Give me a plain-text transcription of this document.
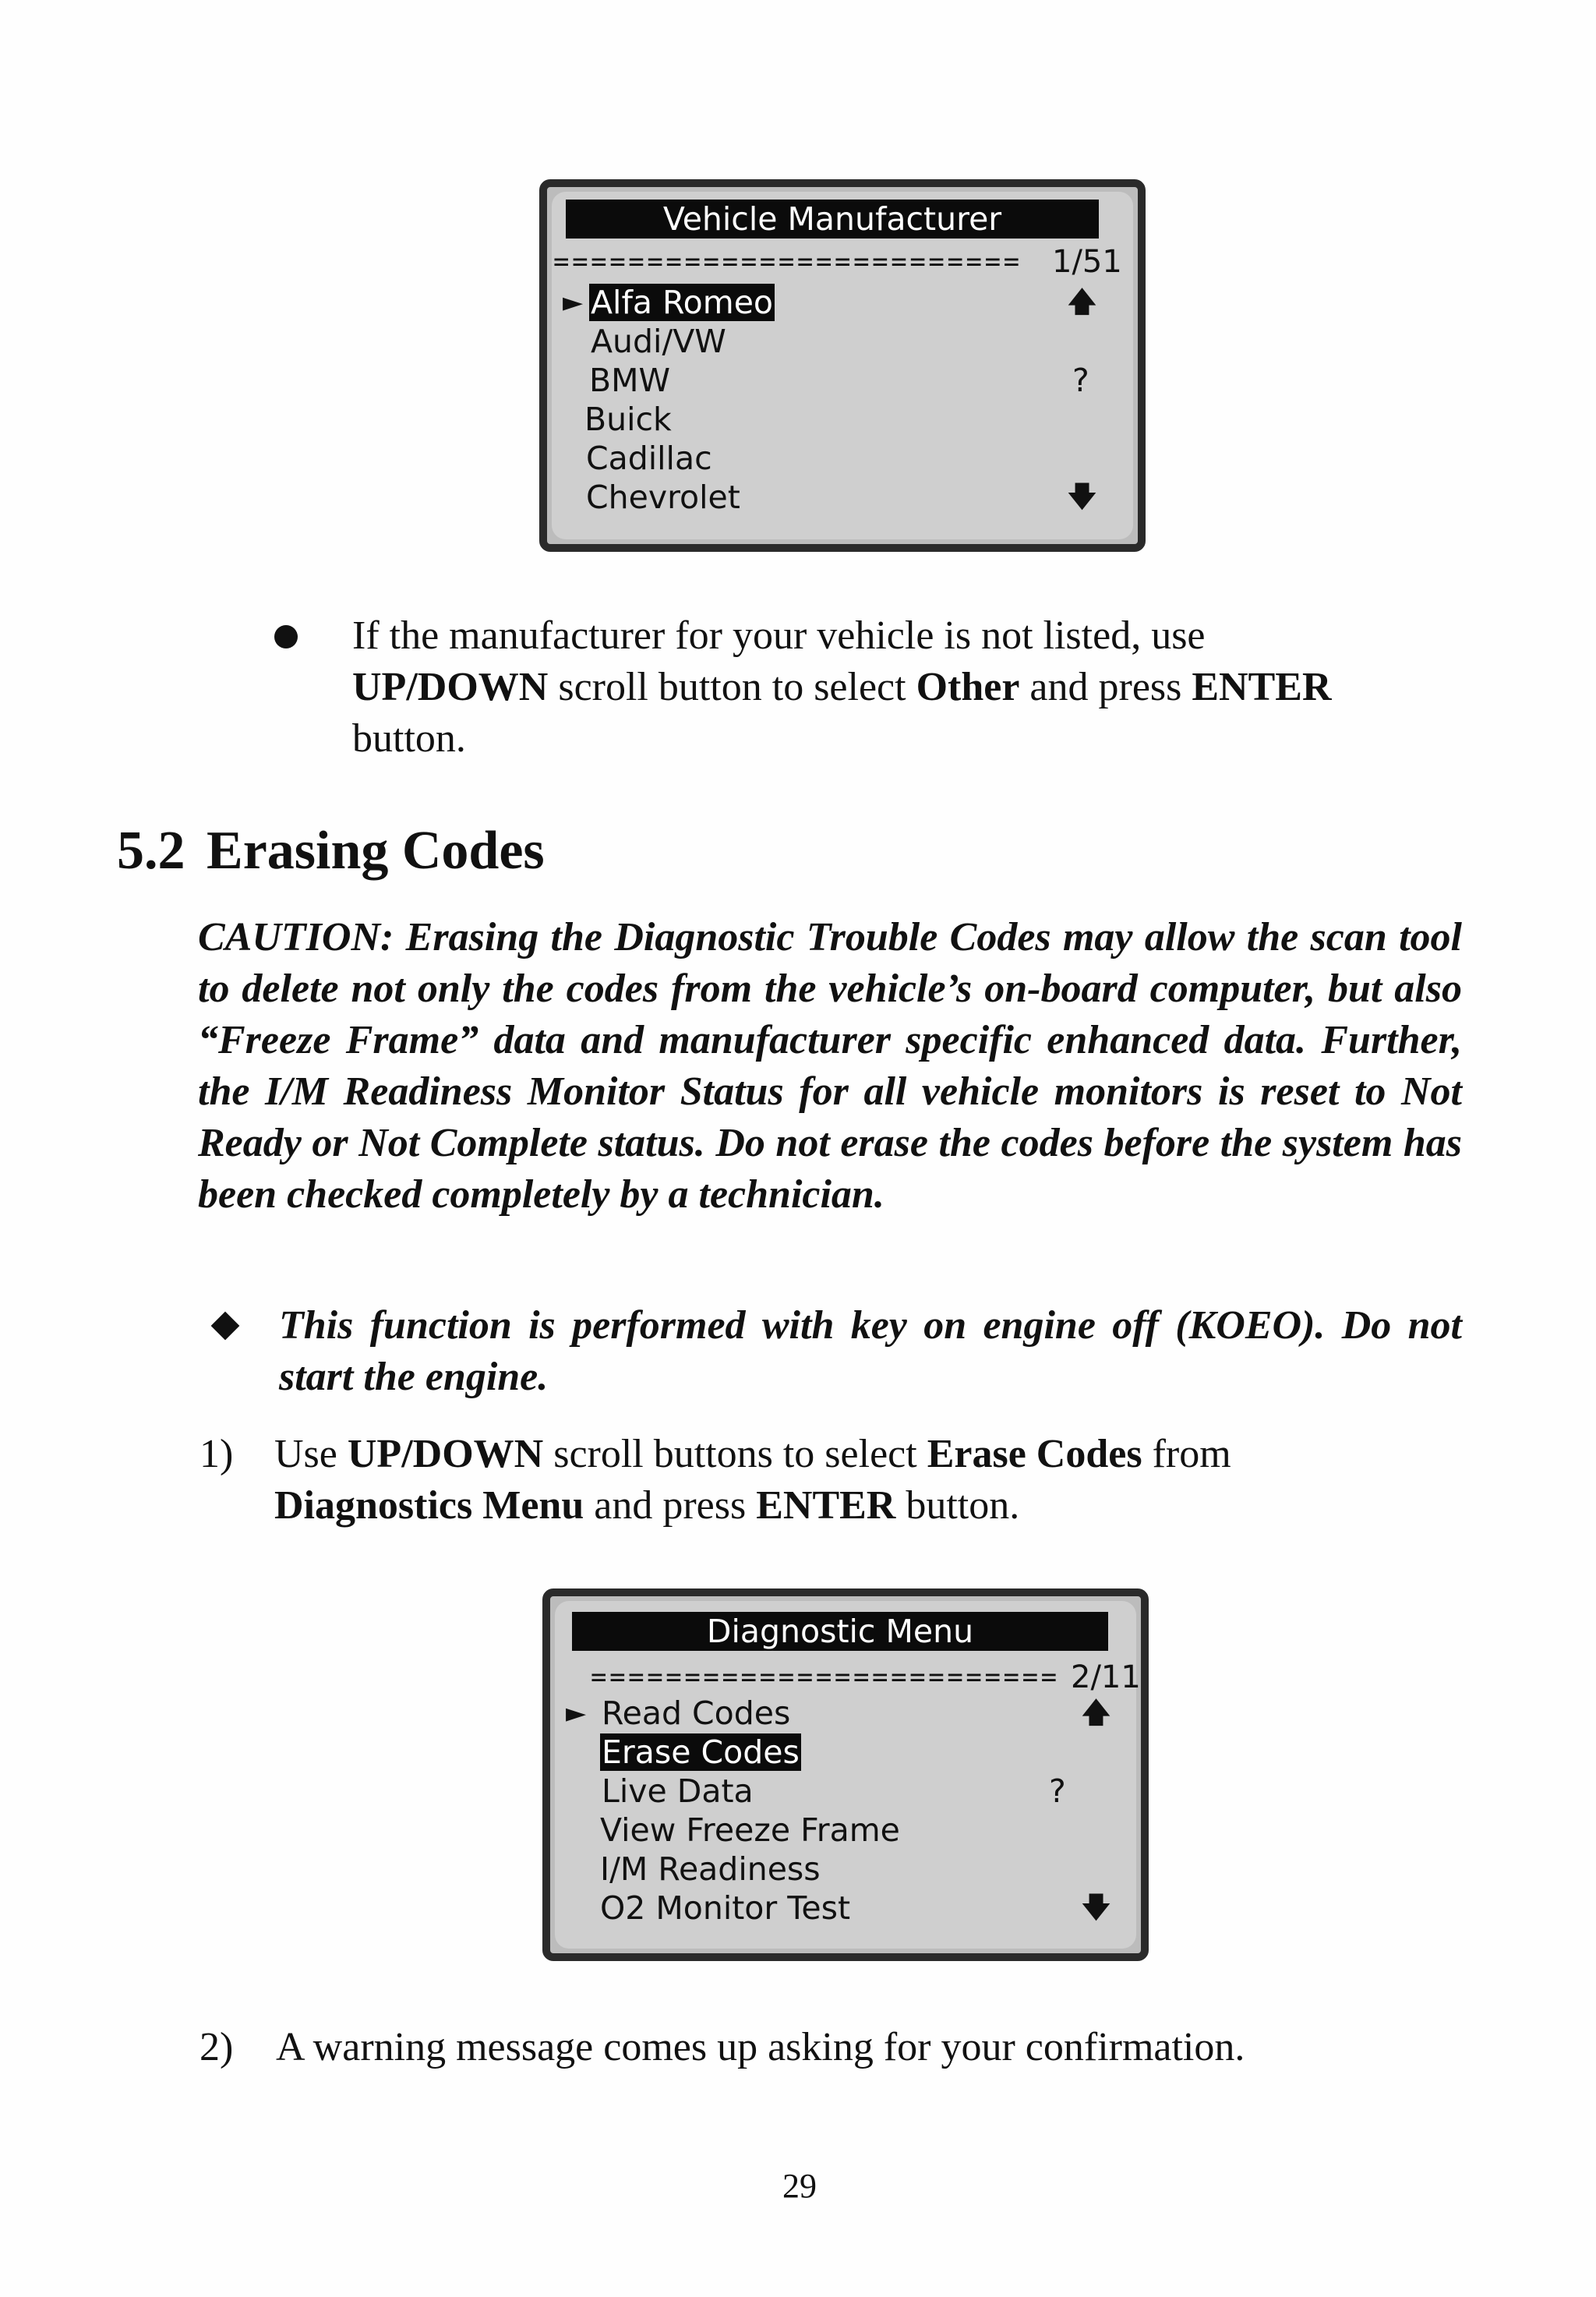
Vehicle Manufacturer
========================= 1/51
► Alfa Romeo
Audi/VW
BMW
Buick
Cadillac
Chevrolet
🡅
?
🡇
If the manufacturer for your vehicle is not listed, use
UP/DOWN scroll button to select Other and press ENTER
button.
5.2 Erasing Codes
CAUTION: Erasing the Diagnostic Trouble Codes may allow the scan tool to delete not only the codes from the vehicle’s on-board computer, but also “Freeze Frame” data and manufacturer specific enhanced data. Further, the I/M Readiness Monitor Status for all vehicle monitors is reset to Not Ready or Not Complete status. Do not erase the codes before the system has been checked completely by a technician.
This function is performed with key on engine off (KOEO). Do not start the engine.
1) Use UP/DOWN scroll buttons to select Erase Codes from
Diagnostics Menu and press ENTER button.
Diagnostic Menu
========================= 2/11
► Read Codes
Erase Codes
Live Data
View Freeze Frame
I/M Readiness
O2 Monitor Test
🡅
?
🡇
2) A warning message comes up asking for your confirmation.
29
